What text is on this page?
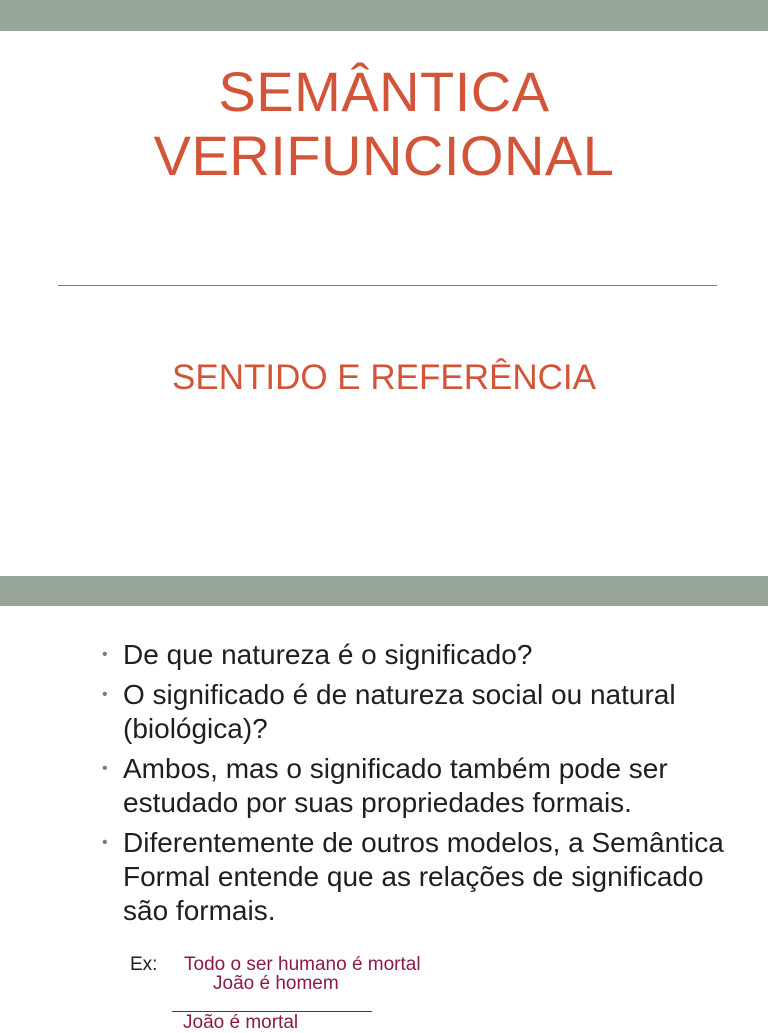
SEMÂNTICA
VERIFUNCIONAL
SENTIDO E REFERÊNCIA
• De que natureza é o significado?
• O significado é de natureza social ou natural (biológica)?
• Ambos, mas o significado também pode ser estudado por suas propriedades formais.
• Diferentemente de outros modelos, a Semântica Formal entende que as relações de significado são formais.
Ex: Todo o ser humano é mortal
João é homem
João é mortal
